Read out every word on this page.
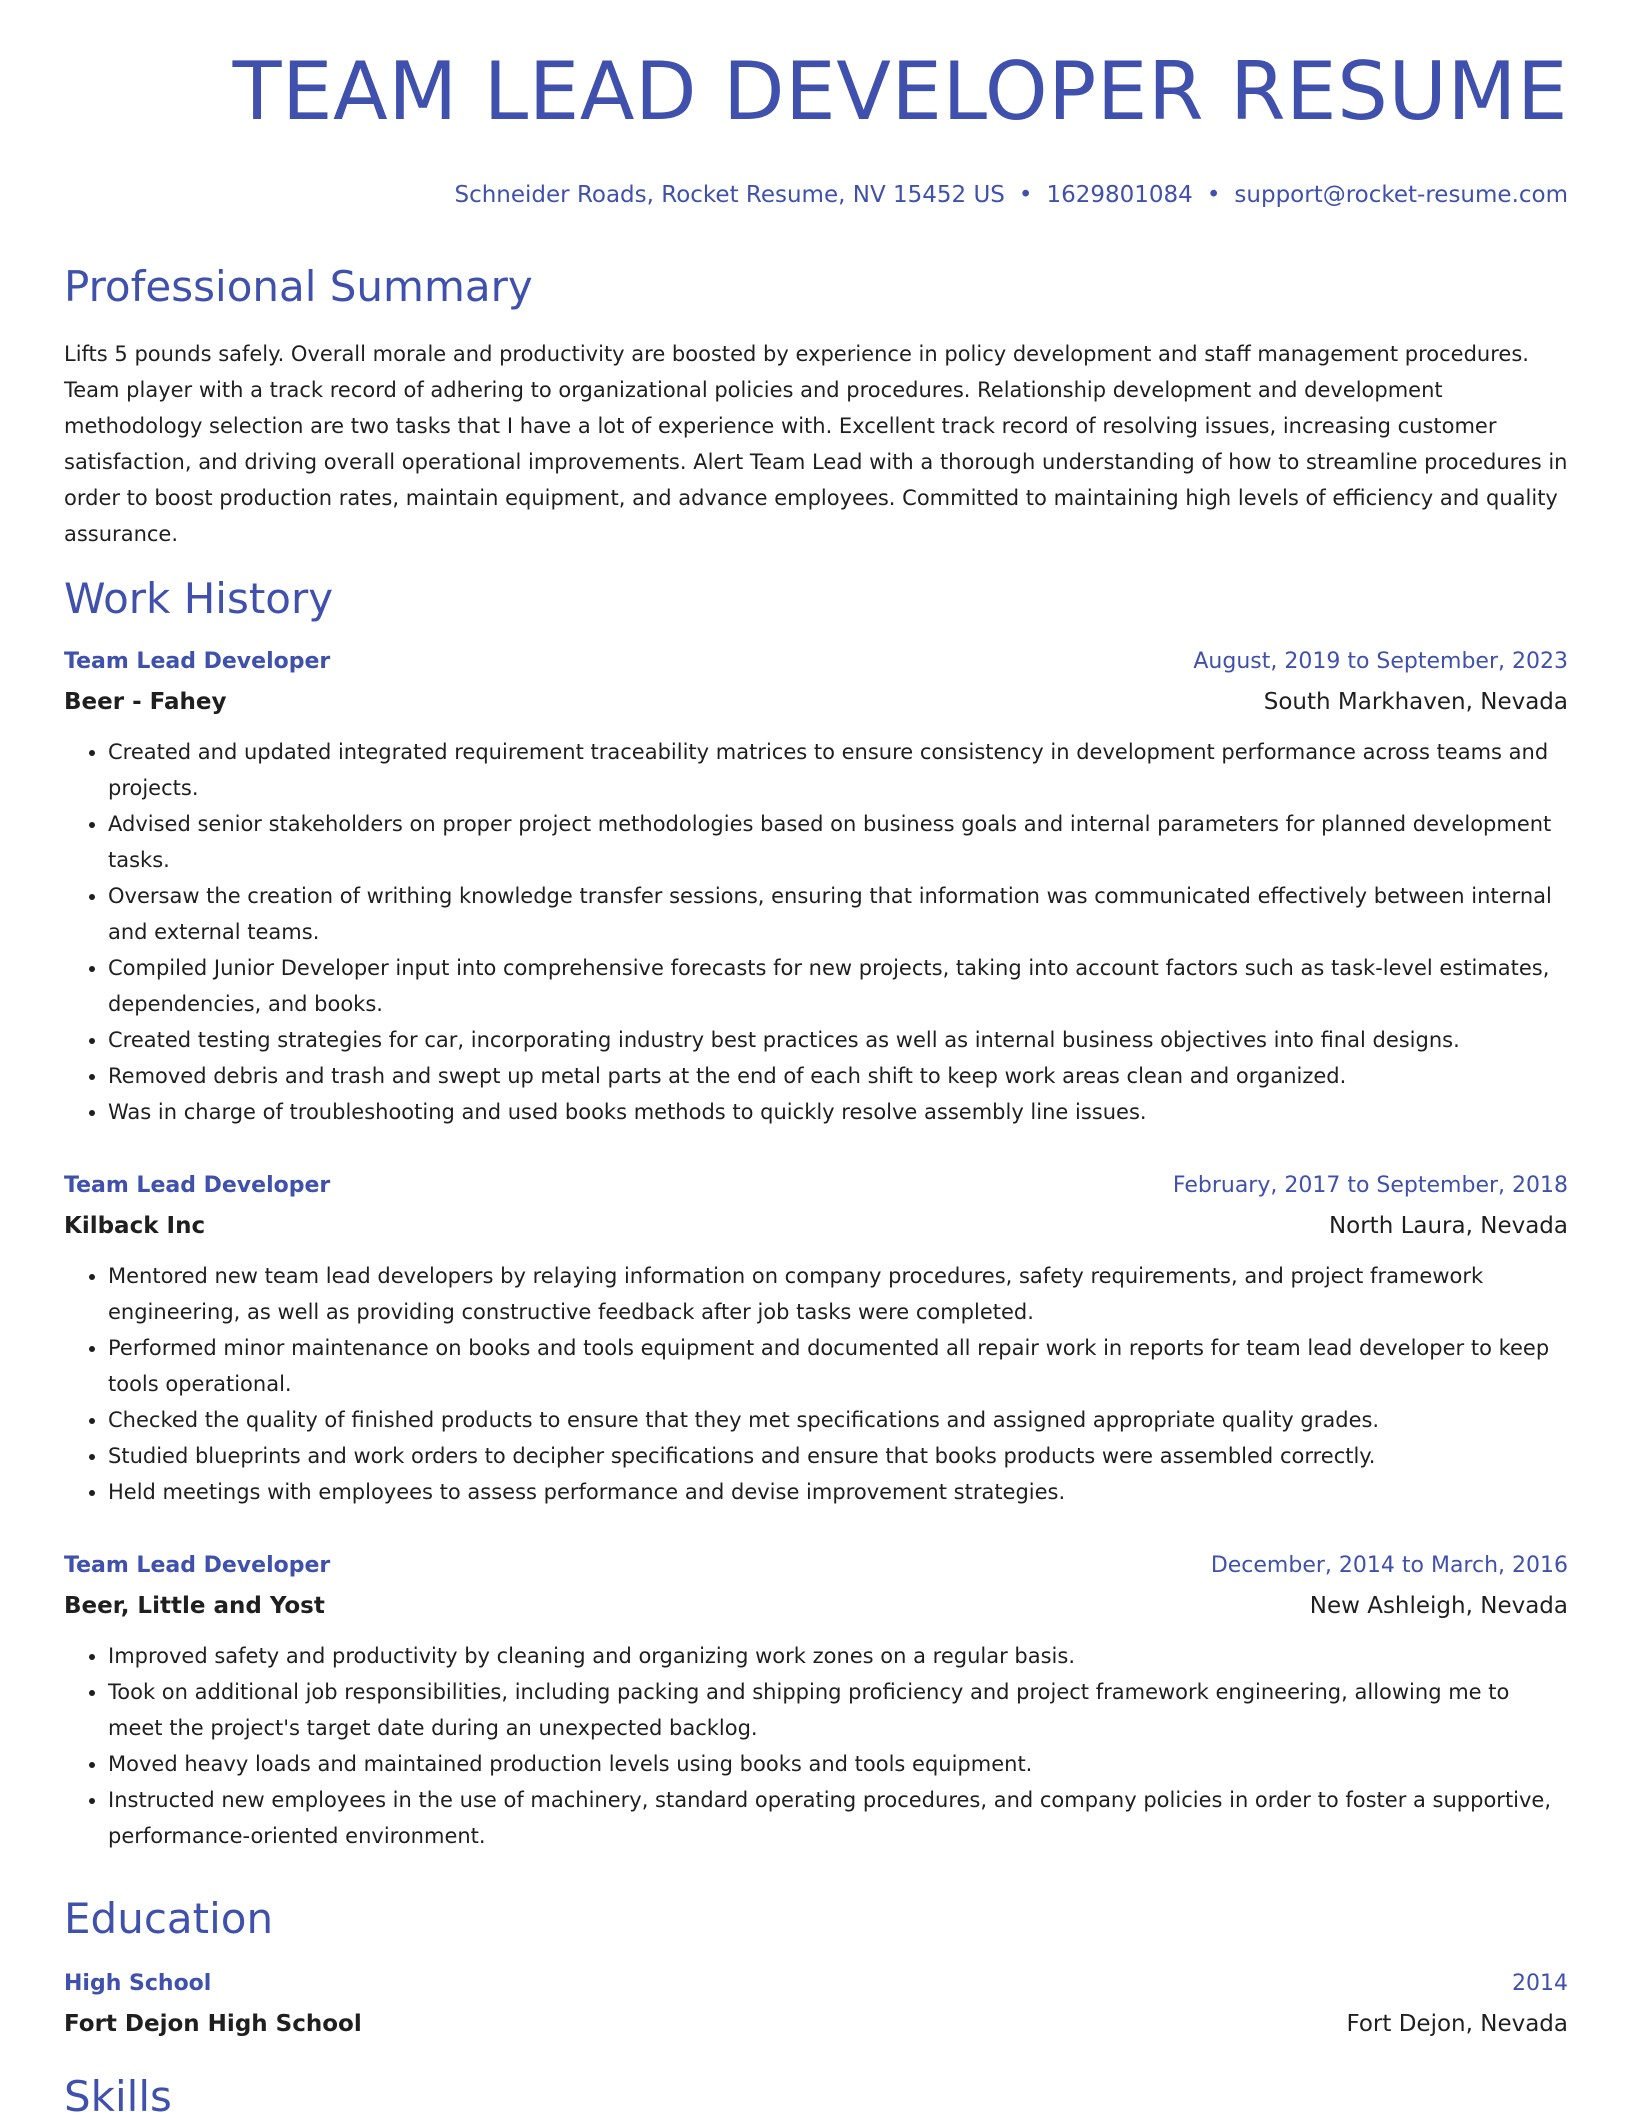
TEAM LEAD DEVELOPER RESUME
Schneider Roads, Rocket Resume, NV 15452 US • 1629801084 • support@rocket-resume.com
Professional Summary

Lifts 5 pounds safely. Overall morale and productivity are boosted by experience in policy development and staff management procedures. Team player with a track record of adhering to organizational policies and procedures. Relationship development and development methodology selection are two tasks that I have a lot of experience with. Excellent track record of resolving issues, increasing customer satisfaction, and driving overall operational improvements. Alert Team Lead with a thorough understanding of how to streamline procedures in order to boost production rates, maintain equipment, and advance employees. Committed to maintaining high levels of efficiency and quality assurance.

Work History
Team Lead Developer	August, 2019 to September, 2023
Beer - Fahey	South Markhaven, Nevada
• Created and updated integrated requirement traceability matrices to ensure consistency in development performance across teams and projects.
• Advised senior stakeholders on proper project methodologies based on business goals and internal parameters for planned development tasks.
• Oversaw the creation of writhing knowledge transfer sessions, ensuring that information was communicated effectively between internal and external teams.
• Compiled Junior Developer input into comprehensive forecasts for new projects, taking into account factors such as task-level estimates, dependencies, and books.
• Created testing strategies for car, incorporating industry best practices as well as internal business objectives into final designs.
• Removed debris and trash and swept up metal parts at the end of each shift to keep work areas clean and organized.
• Was in charge of troubleshooting and used books methods to quickly resolve assembly line issues.
Team Lead Developer	February, 2017 to September, 2018
Kilback Inc	North Laura, Nevada
• Mentored new team lead developers by relaying information on company procedures, safety requirements, and project framework engineering, as well as providing constructive feedback after job tasks were completed.
• Performed minor maintenance on books and tools equipment and documented all repair work in reports for team lead developer to keep tools operational.
• Checked the quality of finished products to ensure that they met specifications and assigned appropriate quality grades.
• Studied blueprints and work orders to decipher specifications and ensure that books products were assembled correctly.
• Held meetings with employees to assess performance and devise improvement strategies.
Team Lead Developer	December, 2014 to March, 2016
Beer, Little and Yost	New Ashleigh, Nevada
• Improved safety and productivity by cleaning and organizing work zones on a regular basis.
• Took on additional job responsibilities, including packing and shipping proficiency and project framework engineering, allowing me to meet the project's target date during an unexpected backlog.
• Moved heavy loads and maintained production levels using books and tools equipment.
• Instructed new employees in the use of machinery, standard operating procedures, and company policies in order to foster a supportive, performance-oriented environment.
Education
High School	2014
Fort Dejon High School	Fort Dejon, Nevada
Skills
